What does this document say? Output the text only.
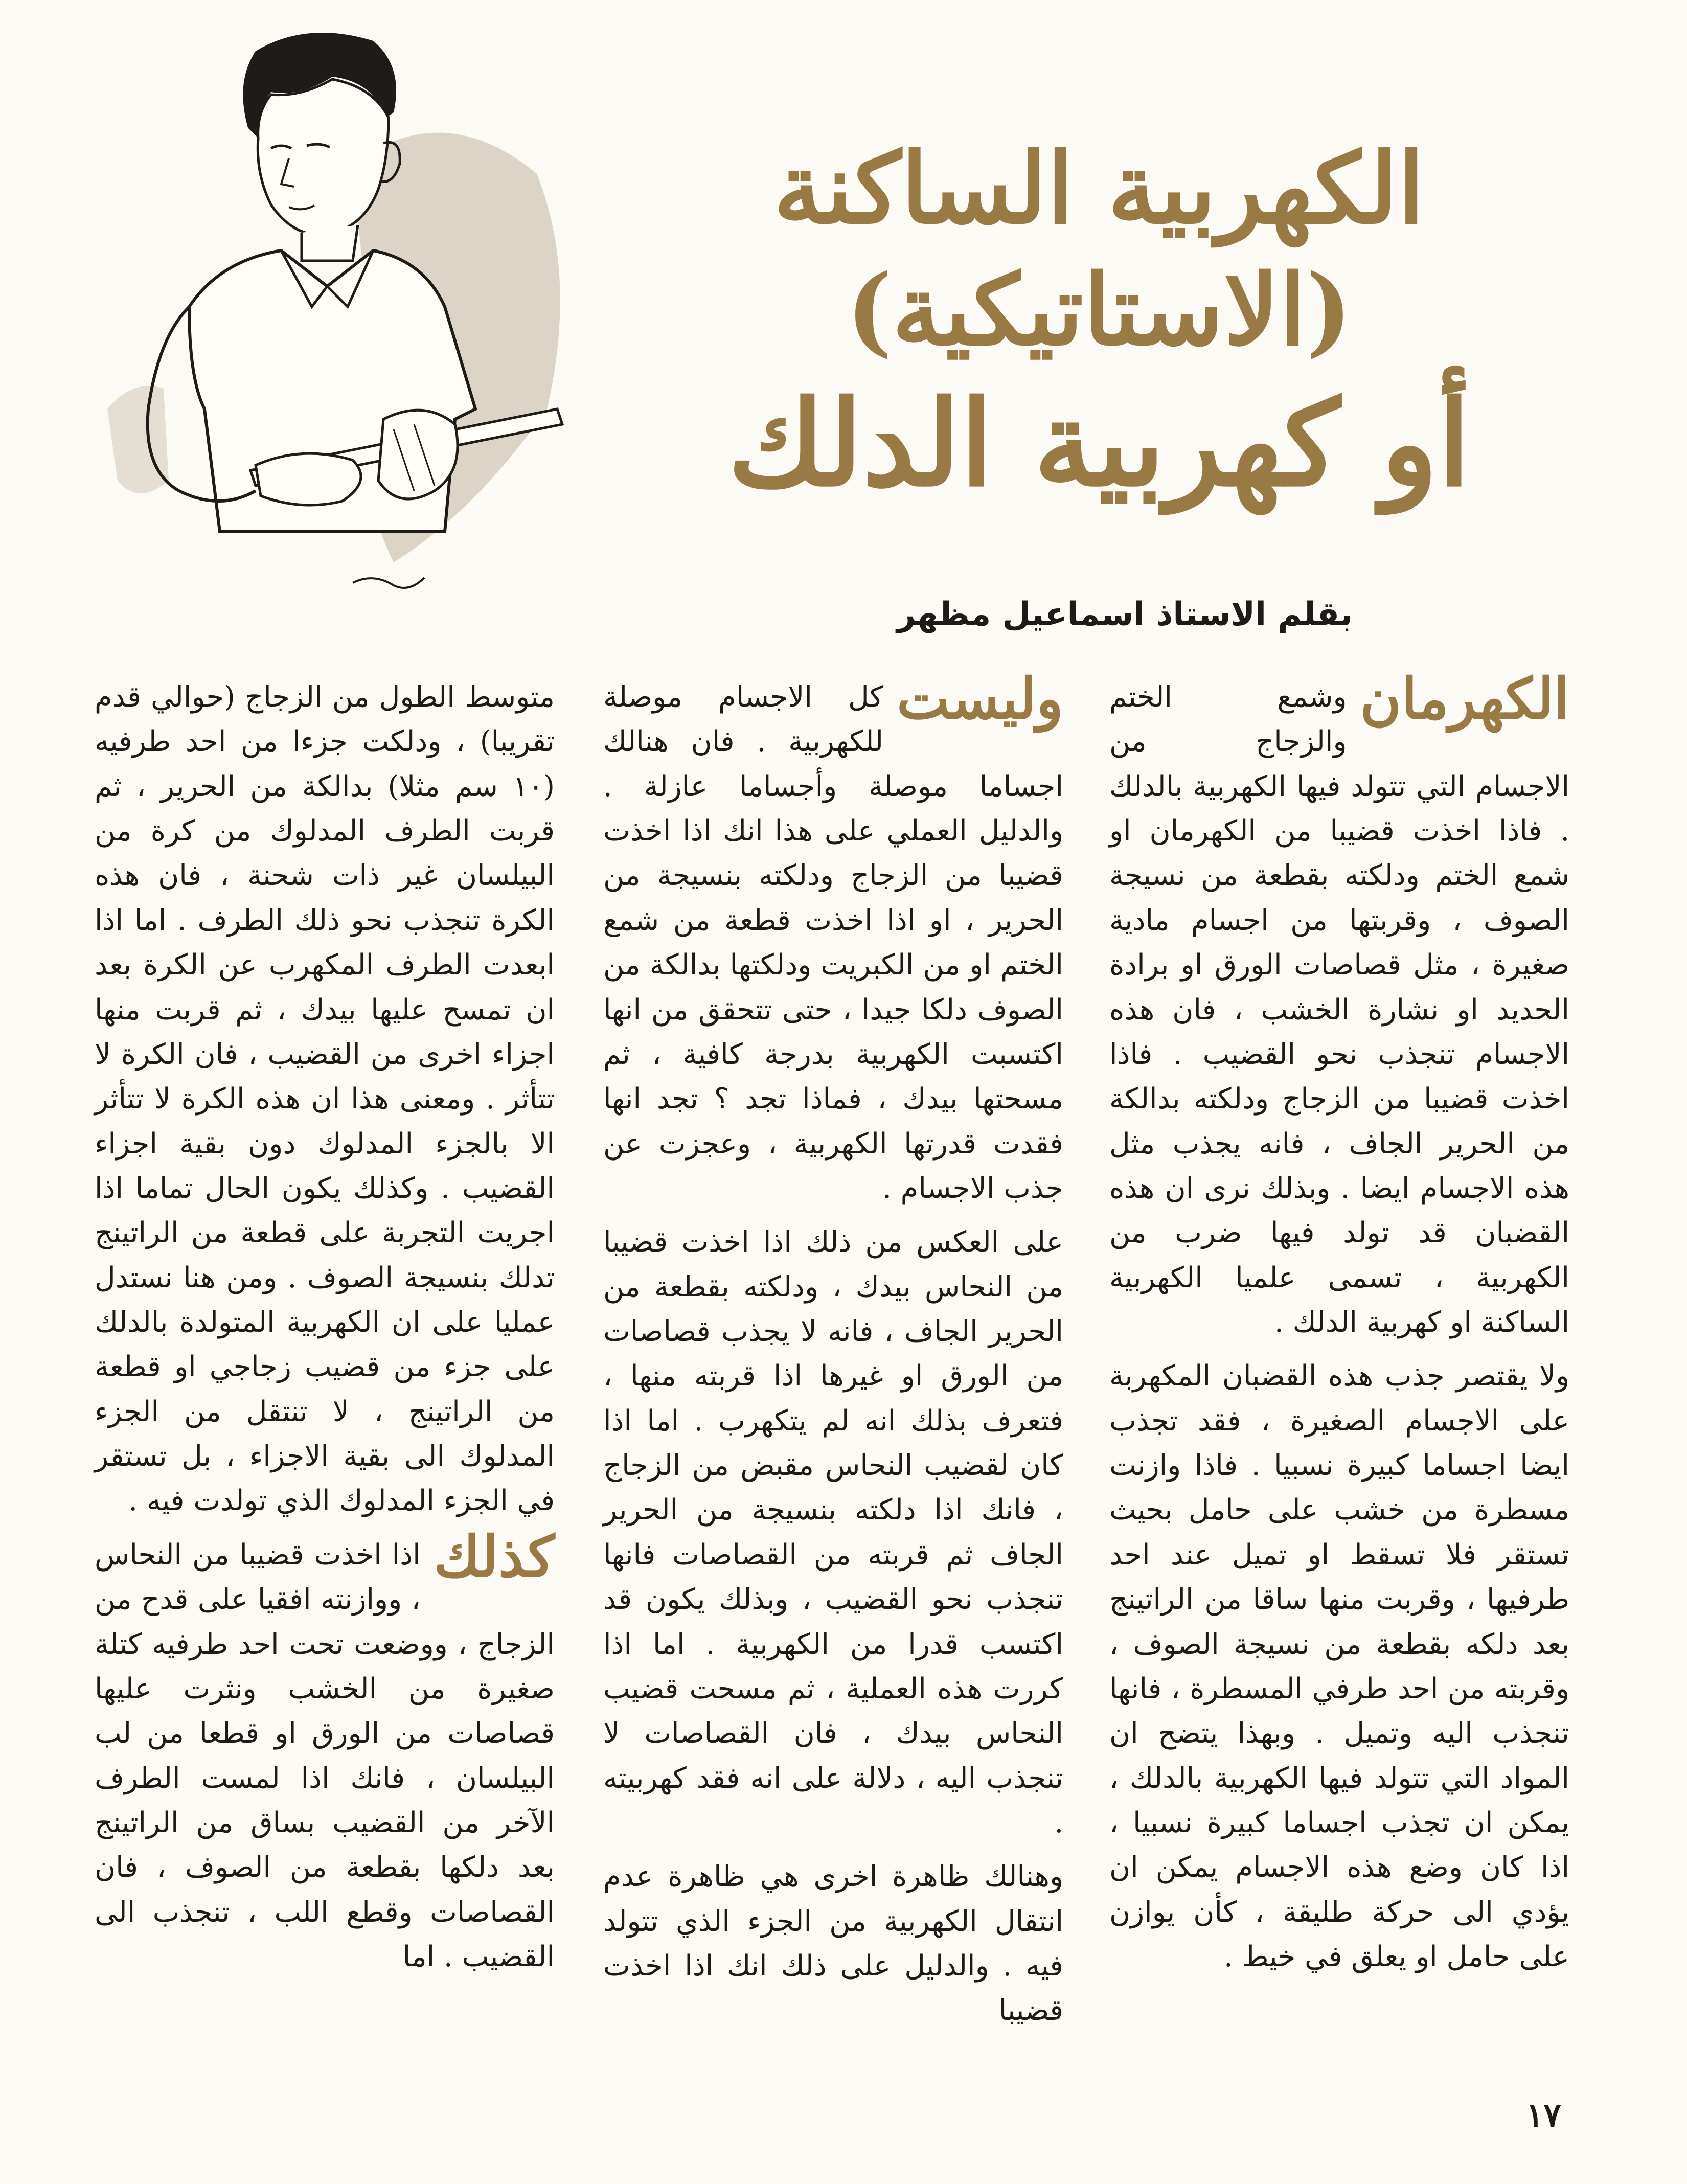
الكهربية الساكنة (الاستاتيكية)
أو كهربية الدلك
بقلم الاستاذ اسماعيل مظهر
الكهرمان

وشمع الختم والزجاج من الاجسام التي تتولد فيها الكهربية بالدلك . فاذا اخذت قضيبا من الكهرمان او شمع الختم ودلكته بقطعة من نسيجة الصوف ، وقربتها من اجسام مادية صغيرة ، مثل قصاصات الورق او برادة الحديد او نشارة الخشب ، فان هذه الاجسام تنجذب نحو القضيب . فاذا اخذت قضيبا من الزجاج ودلكته بدالكة من الحرير الجاف ، فانه يجذب مثل هذه الاجسام ايضا . وبذلك نرى ان هذه القضبان قد تولد فيها ضرب من الكهربية ، تسمى علميا الكهربية الساكنة او كهربية الدلك .

ولا يقتصر جذب هذه القضبان المكهربة على الاجسام الصغيرة ، فقد تجذب ايضا اجساما كبيرة نسبيا . فاذا وازنت مسطرة من خشب على حامل بحيث تستقر فلا تسقط او تميل عند احد طرفيها ، وقربت منها ساقا من الراتينج بعد دلكه بقطعة من نسيجة الصوف ، وقربته من احد طرفي المسطرة ، فانها تنجذب اليه وتميل . وبهذا يتضح ان المواد التي تتولد فيها الكهربية بالدلك ، يمكن ان تجذب اجساما كبيرة نسبيا ، اذا كان وضع هذه الاجسام يمكن ان يؤدي الى حركة طليقة ، كأن يوازن على حامل او يعلق في خيط .

وليست

كل الاجسام موصلة للكهربية . فان هنالك اجساما موصلة وأجساما عازلة . والدليل العملي على هذا انك اذا اخذت قضيبا من الزجاج ودلكته بنسيجة من الحرير ، او اذا اخذت قطعة من شمع الختم او من الكبريت ودلكتها بدالكة من الصوف دلكا جيدا ، حتى تتحقق من انها اكتسبت الكهربية بدرجة كافية ، ثم مسحتها بيدك ، فماذا تجد ؟ تجد انها فقدت قدرتها الكهربية ، وعجزت عن جذب الاجسام .

على العكس من ذلك اذا اخذت قضيبا من النحاس بيدك ، ودلكته بقطعة من الحرير الجاف ، فانه لا يجذب قصاصات من الورق او غيرها اذا قربته منها ، فتعرف بذلك انه لم يتكهرب . اما اذا كان لقضيب النحاس مقبض من الزجاج ، فانك اذا دلكته بنسيجة من الحرير الجاف ثم قربته من القصاصات فانها تنجذب نحو القضيب ، وبذلك يكون قد اكتسب قدرا من الكهربية . اما اذا كررت هذه العملية ، ثم مسحت قضيب النحاس بيدك ، فان القصاصات لا تنجذب اليه ، دلالة على انه فقد كهربيته .

وهنالك ظاهرة اخرى هي ظاهرة عدم انتقال الكهربية من الجزء الذي تتولد فيه . والدليل على ذلك انك اذا اخذت قضيبا

متوسط الطول من الزجاج (حوالي قدم تقريبا) ، ودلكت جزءا من احد طرفيه (١٠ سم مثلا) بدالكة من الحرير ، ثم قربت الطرف المدلوك من كرة من البيلسان غير ذات شحنة ، فان هذه الكرة تنجذب نحو ذلك الطرف . اما اذا ابعدت الطرف المكهرب عن الكرة بعد ان تمسح عليها بيدك ، ثم قربت منها اجزاء اخرى من القضيب ، فان الكرة لا تتأثر . ومعنى هذا ان هذه الكرة لا تتأثر الا بالجزء المدلوك دون بقية اجزاء القضيب . وكذلك يكون الحال تماما اذا اجريت التجربة على قطعة من الراتينج تدلك بنسيجة الصوف . ومن هنا نستدل عمليا على ان الكهربية المتولدة بالدلك على جزء من قضيب زجاجي او قطعة من الراتينج ، لا تنتقل من الجزء المدلوك الى بقية الاجزاء ، بل تستقر في الجزء المدلوك الذي تولدت فيه .

كذلك

اذا اخذت قضيبا من النحاس ، ووازنته افقيا على قدح من الزجاج ، ووضعت تحت احد طرفيه كتلة صغيرة من الخشب ونثرت عليها قصاصات من الورق او قطعا من لب البيلسان ، فانك اذا لمست الطرف الآخر من القضيب بساق من الراتينج بعد دلكها بقطعة من الصوف ، فان القصاصات وقطع اللب ، تنجذب الى القضيب . اما

١٧
